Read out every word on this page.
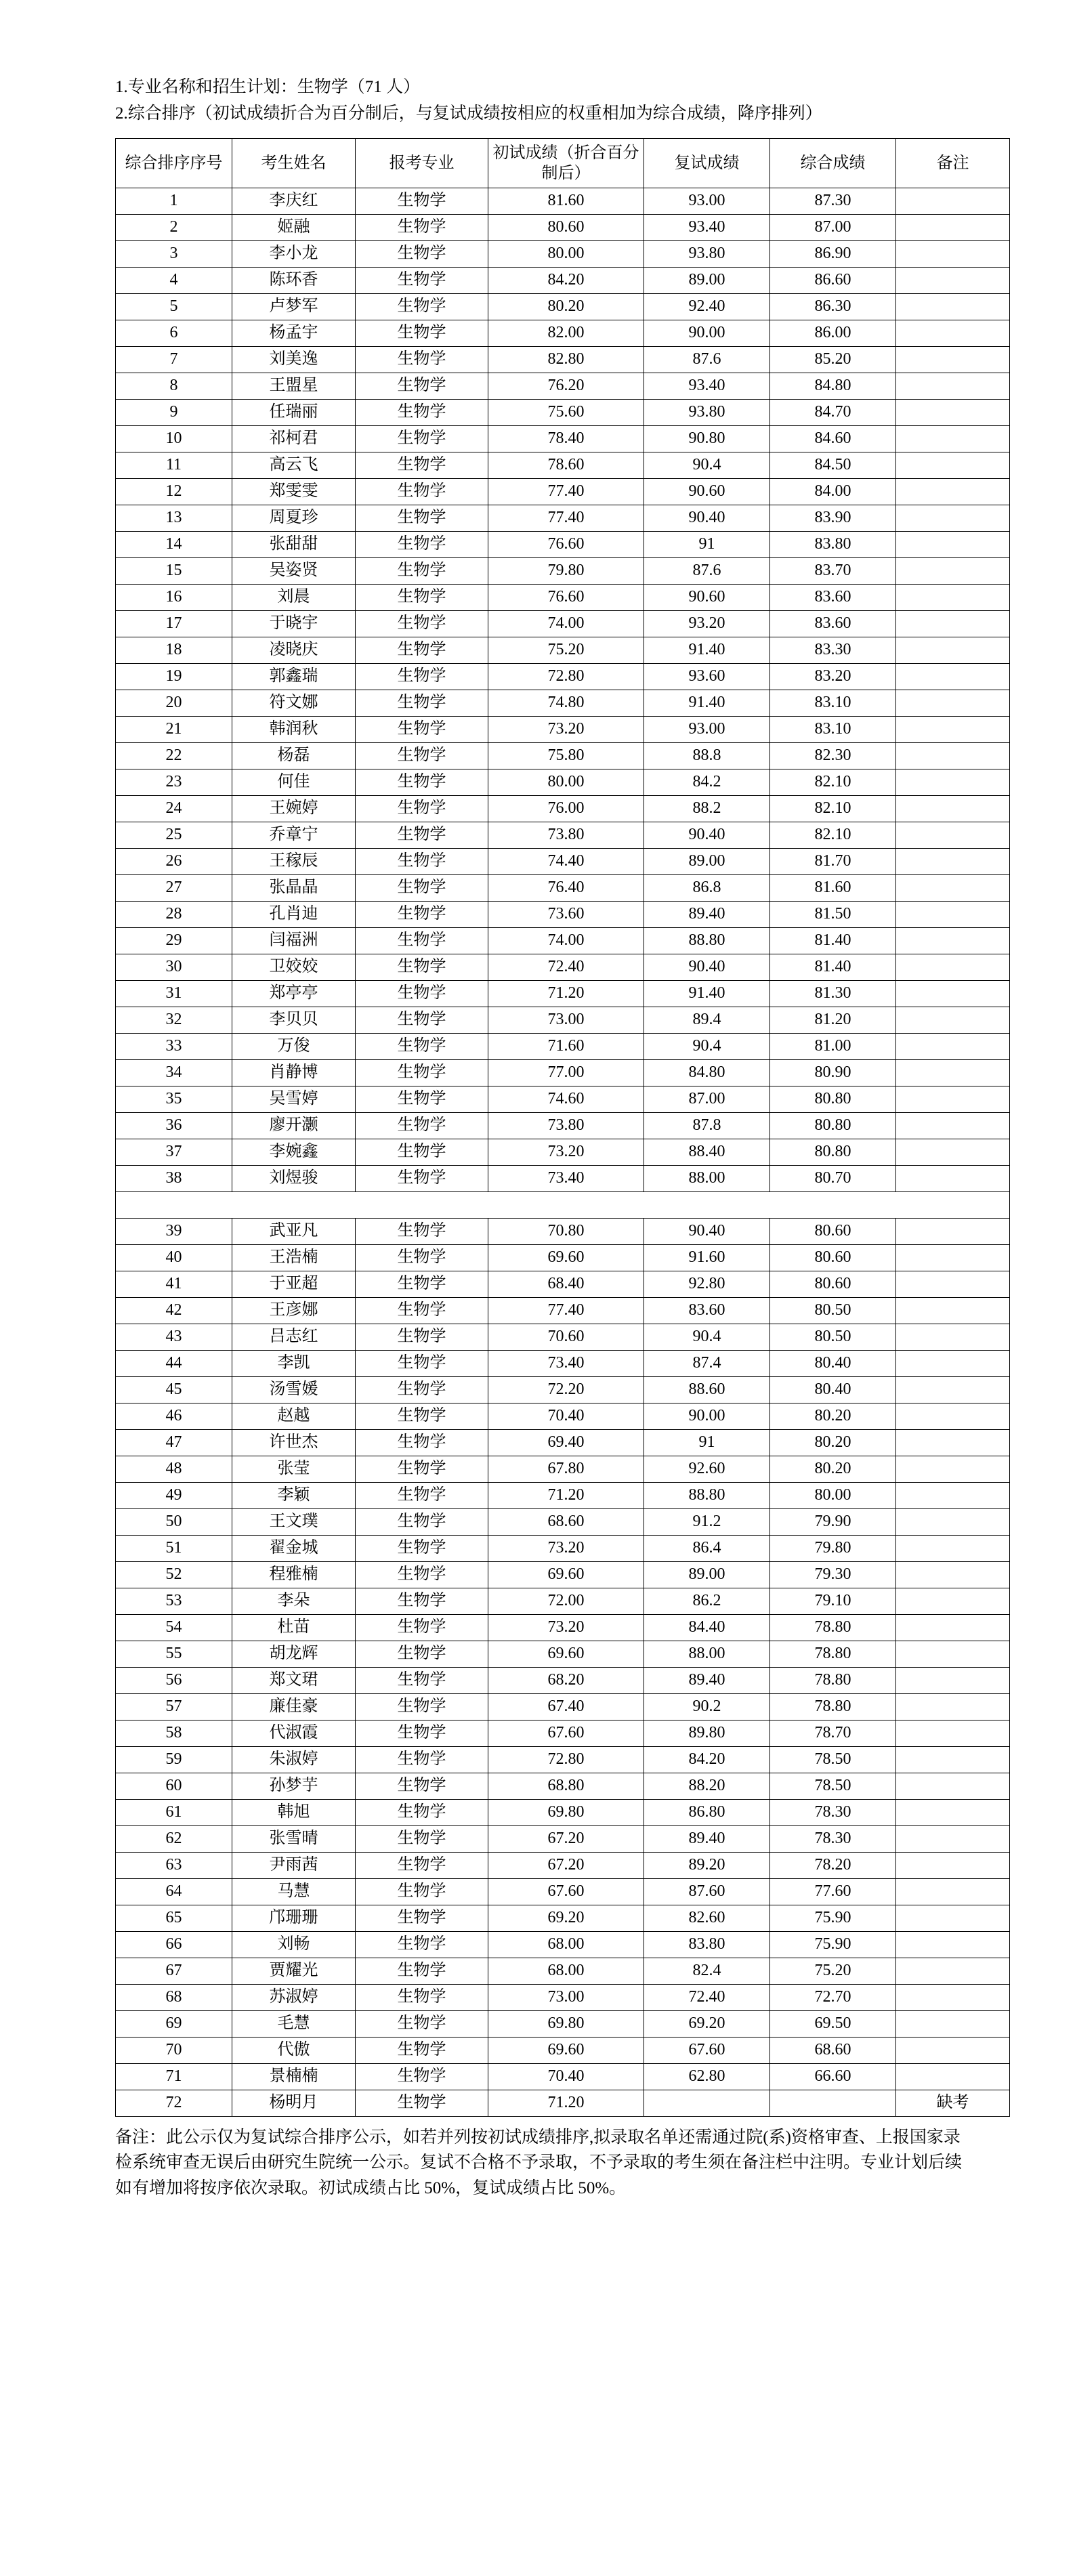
1.专业名称和招生计划：生物学（71 人）
2.综合排序（初试成绩折合为百分制后，与复试成绩按相应的权重相加为综合成绩，降序排列）
综合排序序号	考生姓名	报考专业	初试成绩（折合百分制后）	复试成绩	综合成绩	备注
1	李庆红	生物学	81.60	93.00	87.30	
2	姬融	生物学	80.60	93.40	87.00	
3	李小龙	生物学	80.00	93.80	86.90	
4	陈环香	生物学	84.20	89.00	86.60	
5	卢梦军	生物学	80.20	92.40	86.30	
6	杨孟宇	生物学	82.00	90.00	86.00	
7	刘美逸	生物学	82.80	87.6	85.20	
8	王盟星	生物学	76.20	93.40	84.80	
9	任瑞丽	生物学	75.60	93.80	84.70	
10	祁柯君	生物学	78.40	90.80	84.60	
11	高云飞	生物学	78.60	90.4	84.50	
12	郑雯雯	生物学	77.40	90.60	84.00	
13	周夏珍	生物学	77.40	90.40	83.90	
14	张甜甜	生物学	76.60	91	83.80	
15	吴姿贤	生物学	79.80	87.6	83.70	
16	刘晨	生物学	76.60	90.60	83.60	
17	于晓宇	生物学	74.00	93.20	83.60	
18	凌晓庆	生物学	75.20	91.40	83.30	
19	郭鑫瑞	生物学	72.80	93.60	83.20	
20	符文娜	生物学	74.80	91.40	83.10	
21	韩润秋	生物学	73.20	93.00	83.10	
22	杨磊	生物学	75.80	88.8	82.30	
23	何佳	生物学	80.00	84.2	82.10	
24	王婉婷	生物学	76.00	88.2	82.10	
25	乔章宁	生物学	73.80	90.40	82.10	
26	王稼辰	生物学	74.40	89.00	81.70	
27	张晶晶	生物学	76.40	86.8	81.60	
28	孔肖迪	生物学	73.60	89.40	81.50	
29	闫福洲	生物学	74.00	88.80	81.40	
30	卫姣姣	生物学	72.40	90.40	81.40	
31	郑亭亭	生物学	71.20	91.40	81.30	
32	李贝贝	生物学	73.00	89.4	81.20	
33	万俊	生物学	71.60	90.4	81.00	
34	肖静博	生物学	77.00	84.80	80.90	
35	吴雪婷	生物学	74.60	87.00	80.80	
36	廖开灏	生物学	73.80	87.8	80.80	
37	李婉鑫	生物学	73.20	88.40	80.80	
38	刘煜骏	生物学	73.40	88.00	80.70	

39	武亚凡	生物学	70.80	90.40	80.60	
40	王浩楠	生物学	69.60	91.60	80.60	
41	于亚超	生物学	68.40	92.80	80.60	
42	王彦娜	生物学	77.40	83.60	80.50	
43	吕志红	生物学	70.60	90.4	80.50	
44	李凯	生物学	73.40	87.4	80.40	
45	汤雪媛	生物学	72.20	88.60	80.40	
46	赵越	生物学	70.40	90.00	80.20	
47	许世杰	生物学	69.40	91	80.20	
48	张莹	生物学	67.80	92.60	80.20	
49	李颖	生物学	71.20	88.80	80.00	
50	王文璞	生物学	68.60	91.2	79.90	
51	翟金城	生物学	73.20	86.4	79.80	
52	程雅楠	生物学	69.60	89.00	79.30	
53	李朵	生物学	72.00	86.2	79.10	
54	杜苗	生物学	73.20	84.40	78.80	
55	胡龙辉	生物学	69.60	88.00	78.80	
56	郑文珺	生物学	68.20	89.40	78.80	
57	廉佳豪	生物学	67.40	90.2	78.80	
58	代淑霞	生物学	67.60	89.80	78.70	
59	朱淑婷	生物学	72.80	84.20	78.50	
60	孙梦芋	生物学	68.80	88.20	78.50	
61	韩旭	生物学	69.80	86.80	78.30	
62	张雪晴	生物学	67.20	89.40	78.30	
63	尹雨茜	生物学	67.20	89.20	78.20	
64	马慧	生物学	67.60	87.60	77.60	
65	邝珊珊	生物学	69.20	82.60	75.90	
66	刘畅	生物学	68.00	83.80	75.90	
67	贾耀光	生物学	68.00	82.4	75.20	
68	苏淑婷	生物学	73.00	72.40	72.70	
69	毛慧	生物学	69.80	69.20	69.50	
70	代傲	生物学	69.60	67.60	68.60	
71	景楠楠	生物学	70.40	62.80	66.60	
72	杨明月	生物学	71.20			缺考
备注：此公示仅为复试综合排序公示，如若并列按初试成绩排序,拟录取名单还需通过院(系)资格审查、上报国家录检系统审查无误后由研究生院统一公示。复试不合格不予录取，不予录取的考生须在备注栏中注明。专业计划后续如有增加将按序依次录取。初试成绩占比 50%，复试成绩占比 50%。
